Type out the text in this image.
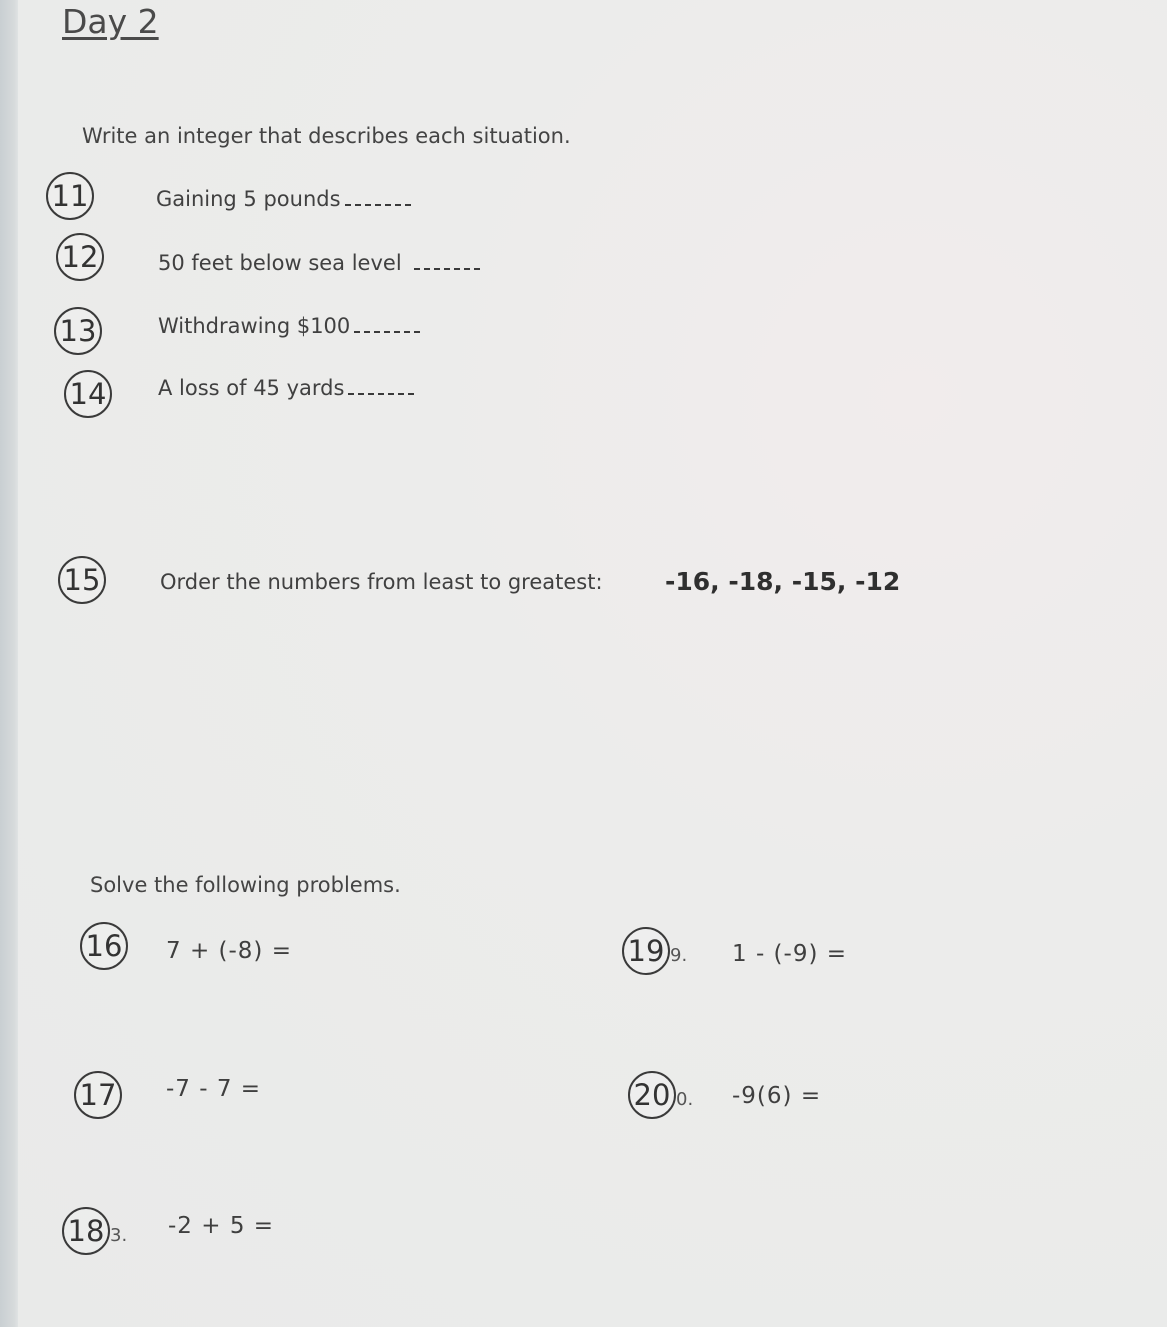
Day 2
Write an integer that describes each situation.
11	Gaining 5 pounds
12	50 feet below sea level
13	Withdrawing $100
14 A loss of 45 yards
15	Order the numbers from least to greatest: -16, -18, -15, -12
Solve the following problems.
16 7 + (-8) =
17 -7 - 7 =
18 3. -2 + 5 =
19 9. 1 - (-9) =
20 0. -9(6) =
